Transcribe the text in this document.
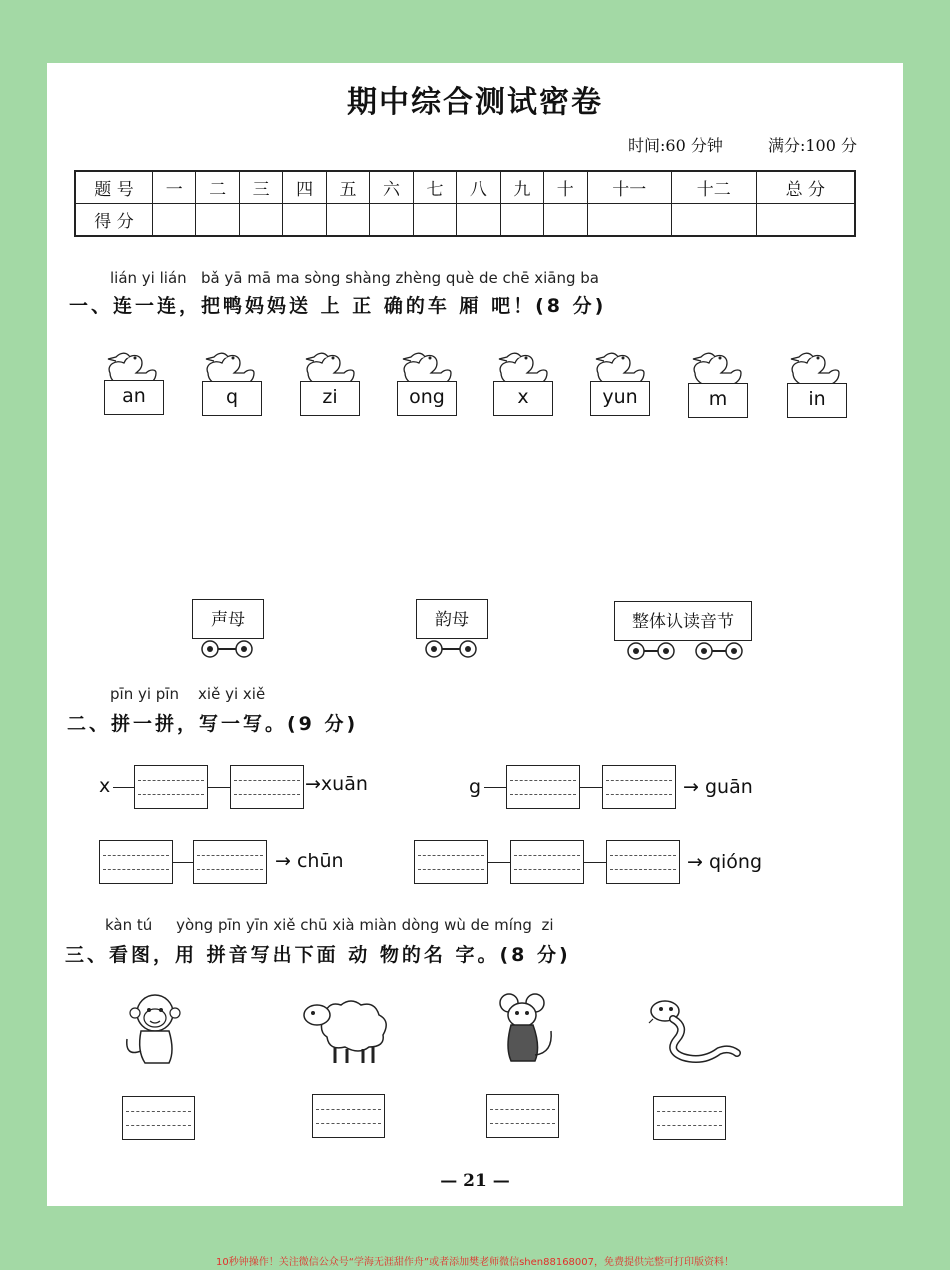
期中综合测试密卷
时间:60 分钟	满分:100 分
题 号	一	二	三	四	五	六	七	八	九	十	十一	十二	总 分
得 分													
lián yi lián   bǎ yā mā ma sòng shàng zhèng què de chē xiāng ba
一、连一连，把鸭妈妈送 上 正 确的车 厢 吧！(8 分)
an	q	zi	ong	x	yun	m	in
声母	韵母	整体认读音节
pīn yi pīn    xiě yi xiě
二、拼一拼，写一写。(9 分)
x	→xuān	g	→ guān
→ chūn	→ qióng
kàn tú     yòng pīn yīn xiě chū xià miàn dòng wù de míng  zi
三、看图，用 拼音写出下面 动 物的名 字。(8 分)
— 21 —
10秒钟操作！关注微信公众号“学海无涯甜作舟”或者添加樊老师微信shen88168007，免费提供完整可打印版资料！
